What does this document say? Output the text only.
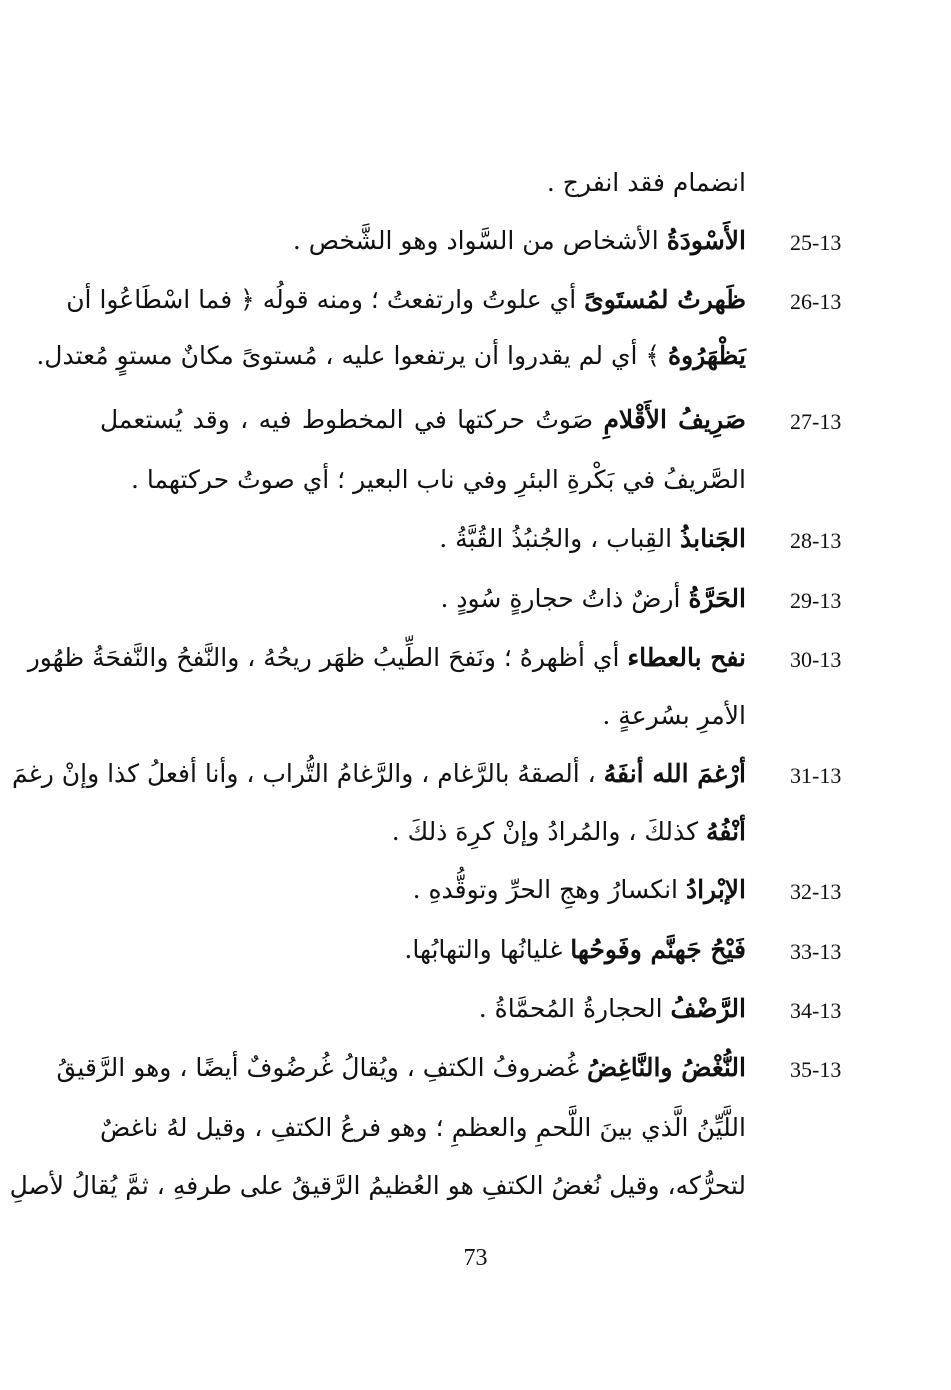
انضمام فقد انفرج .
25-13
الأَسْودَةُ الأشخاص من السَّواد وهو الشَّخص .
26-13
ظَهرتُ لمُستَوىً أي علوتُ وارتفعتُ ؛ ومنه قولُه ﴿ فما اسْطَاعُوا أن
يَظْهَرُوهُ ﴾ أي لم يقدروا أن يرتفعوا عليه ، مُستوىً مكانٌ مستوٍ مُعتدل.
27-13
صَرِيفُ الأَقْلامِ صَوتُ حركتها في المخطوط فيه ، وقد يُستعمل
الصَّريفُ في بَكْرةِ البئرِ وفي ناب البعير ؛ أي صوتُ حركتهما .
28-13
الجَنابذُ القِباب ، والجُنبُذُ القُبَّةُ .
29-13
الحَرَّةُ أرضٌ ذاتُ حجارةٍ سُودٍ .
30-13
نفح بالعطاء أي أظهرهُ ؛ ونَفحَ الطِّيبُ ظهَر ريحُهُ ، والنَّفحُ والنَّفحَةُ ظهُور
الأمرِ بسُرعةٍ .
31-13
أرْغمَ الله أنفَهُ ، ألصقهُ بالرَّغام ، والرَّغامُ التُّراب ، وأنا أفعلُ كذا وإنْ رغمَ
أنْفُهُ كذلكَ ، والمُرادُ وإنْ كرِهَ ذلكَ .
32-13
الإبْرادُ انكسارُ وهجِ الحرِّ وتوقُّدهِ .
33-13
فَيْحُ جَهنَّم وفَوحُها غليانُها والتهابُها.
34-13
الرَّضْفُ الحجارةُ المُحمَّاةُ .
35-13
النُّغْضُ والنَّاغِضُ غُضروفُ الكتفِ ، ويُقالُ غُرضُوفٌ أيضًا ، وهو الرَّقيقُ
اللَّيِّنُ الَّذي بينَ اللَّحمِ والعظمِ ؛ وهو فرعُ الكتفِ ، وقيل لهُ ناغضٌ
لتحرُّكه، وقيل نُغضُ الكتفِ هو العُظيمُ الرَّقيقُ على طرفهِ ، ثمَّ يُقالُ لأصلِ
73
